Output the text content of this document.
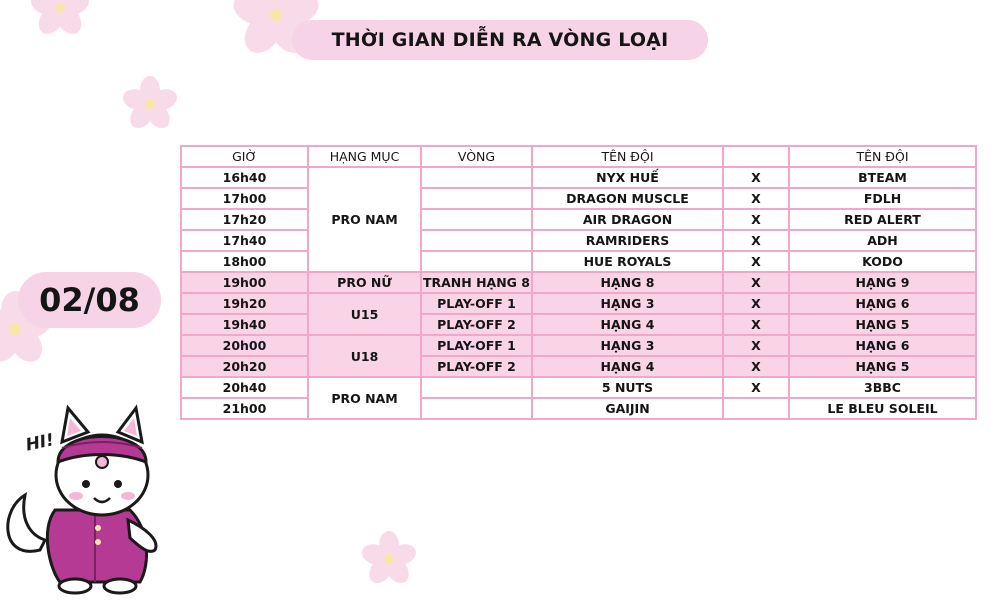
THỜI GIAN DIỄN RA VÒNG LOẠI
02/08
GIỜ	HẠNG MỤC	VÒNG	TÊN ĐỘI		TÊN ĐỘI
16h40	PRO NAM		NYX HUẾ	X	BTEAM
17h00			DRAGON MUSCLE	X	FDLH
17h20			AIR DRAGON	X	RED ALERT
17h40			RAMRIDERS	X	ADH
18h00			HUE ROYALS	X	KODO
19h00	PRO NỮ	TRANH HẠNG 8	HẠNG 8	X	HẠNG 9
19h20	U15	PLAY-OFF 1	HẠNG 3	X	HẠNG 6
19h40		PLAY-OFF 2	HẠNG 4	X	HẠNG 5
20h00	U18	PLAY-OFF 1	HẠNG 3	X	HẠNG 6
20h20		PLAY-OFF 2	HẠNG 4	X	HẠNG 5
20h40	PRO NAM		5 NUTS	X	3BBC
21h00			GAIJIN		LE BLEU SOLEIL
HI!
